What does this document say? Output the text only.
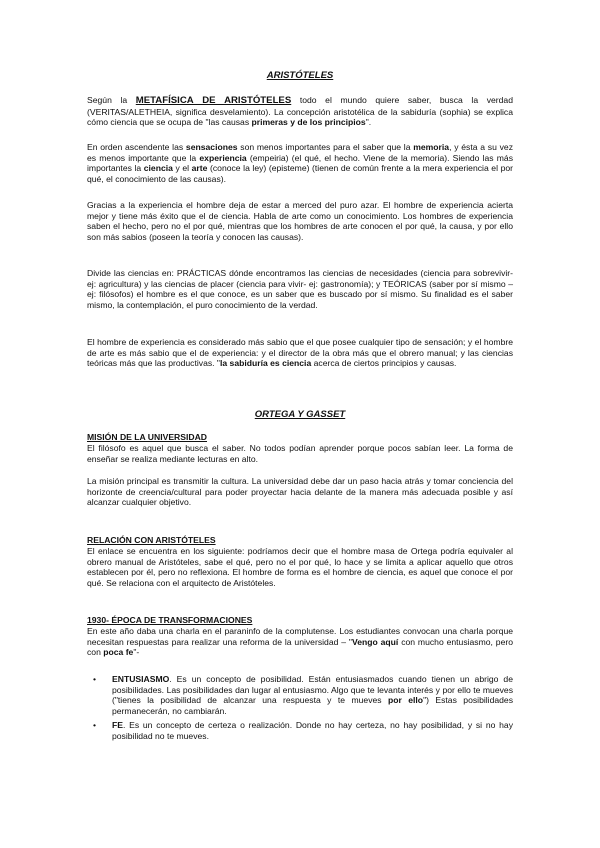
ARISTÓTELES

Según la METAFÍSICA DE ARISTÓTELES todo el mundo quiere saber, busca la verdad (VERITAS/ALETHEIA, significa desvelamiento). La concepción aristotélica de la sabiduría (sophia) se explica cómo ciencia que se ocupa de "las causas primeras y de los principios".

En orden ascendente las sensaciones son menos importantes para el saber que la memoria, y ésta a su vez es menos importante que la experiencia (empeiria) (el qué, el hecho. Viene de la memoria). Siendo las más importantes la ciencia y el arte (conoce la ley) (episteme) (tienen de común frente a la mera experiencia el por qué, el conocimiento de las causas).

Gracias a la experiencia el hombre deja de estar a merced del puro azar. El hombre de experiencia acierta mejor y tiene más éxito que el de ciencia. Habla de arte como un conocimiento. Los hombres de experiencia saben el hecho, pero no el por qué, mientras que los hombres de arte conocen el por qué, la causa, y por ello son más sabios (poseen la teoría y conocen las causas).

Divide las ciencias en: PRÁCTICAS dónde encontramos las ciencias de necesidades (ciencia para sobrevivir- ej: agricultura) y las ciencias de placer (ciencia para vivir- ej: gastronomía); y TEÓRICAS (saber por sí mismo – ej: filósofos) el hombre es el que conoce, es un saber que es buscado por sí mismo. Su finalidad es el saber mismo, la contemplación, el puro conocimiento de la verdad.

El hombre de experiencia es considerado más sabio que el que posee cualquier tipo de sensación; y el hombre de arte es más sabio que el de experiencia: y el director de la obra más que el obrero manual; y las ciencias teóricas más que las productivas. "la sabiduría es ciencia acerca de ciertos principios y causas.

ORTEGA Y GASSET

MISIÓN DE LA UNIVERSIDAD

El filósofo es aquel que busca el saber. No todos podían aprender porque pocos sabían leer. La forma de enseñar se realiza mediante lecturas en alto.

La misión principal es transmitir la cultura. La universidad debe dar un paso hacia atrás y tomar conciencia del horizonte de creencia/cultural para poder proyectar hacia delante de la manera más adecuada posible y así alcanzar cualquier objetivo.

RELACIÓN CON ARISTÓTELES

El enlace se encuentra en los siguiente: podríamos decir que el hombre masa de Ortega podría equivaler al obrero manual de Aristóteles, sabe el qué, pero no el por qué, lo hace y se limita a aplicar aquello que otros establecen por él, pero no reflexiona. El hombre de forma es el hombre de ciencia, es aquel que conoce el por qué. Se relaciona con el arquitecto de Aristóteles.

1930- ÉPOCA DE TRANSFORMACIONES

En este año daba una charla en el paraninfo de la complutense. Los estudiantes convocan una charla porque necesitan respuestas para realizar una reforma de la universidad – "Vengo aquí con mucho entusiasmo, pero con poca fe"-

• ENTUSIASMO. Es un concepto de posibilidad. Están entusiasmados cuando tienen un abrigo de posibilidades. Las posibilidades dan lugar al entusiasmo. Algo que te levanta interés y por ello te mueves ("tienes la posibilidad de alcanzar una respuesta y te mueves por ello") Estas posibilidades permanecerán, no cambiarán.

• FE. Es un concepto de certeza o realización. Donde no hay certeza, no hay posibilidad, y si no hay posibilidad no te mueves.
